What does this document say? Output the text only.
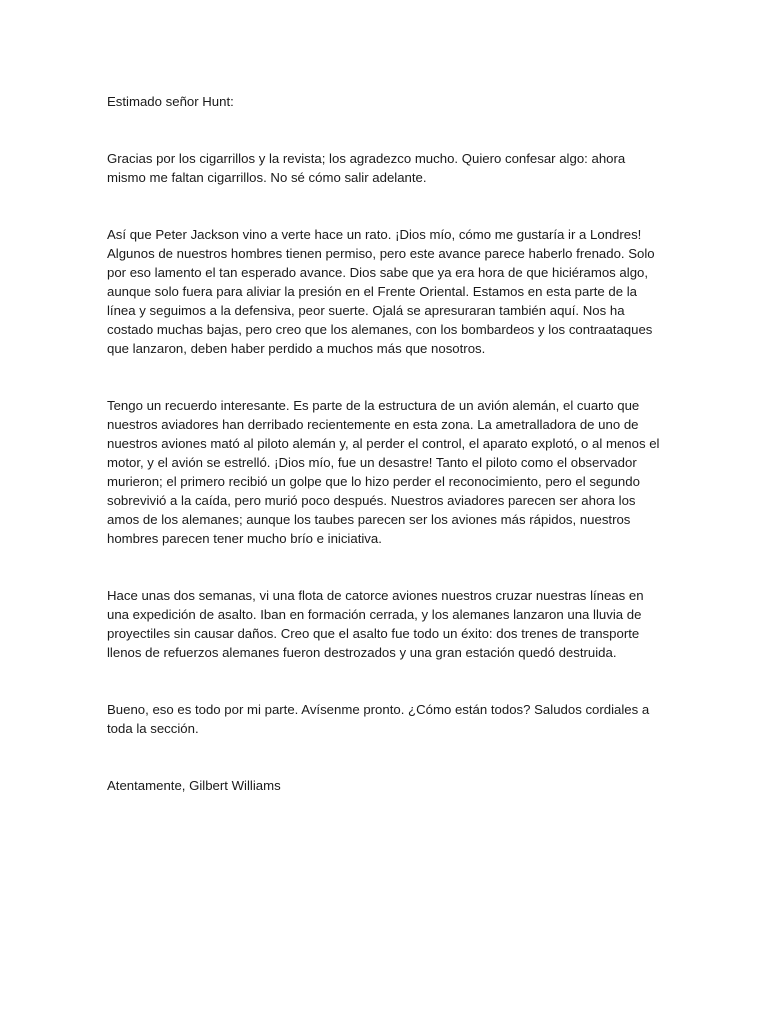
Estimado señor Hunt:

Gracias por los cigarrillos y la revista; los agradezco mucho. Quiero confesar algo: ahora mismo me faltan cigarrillos. No sé cómo salir adelante.

Así que Peter Jackson vino a verte hace un rato. ¡Dios mío, cómo me gustaría ir a Londres! Algunos de nuestros hombres tienen permiso, pero este avance parece haberlo frenado. Solo por eso lamento el tan esperado avance. Dios sabe que ya era hora de que hiciéramos algo, aunque solo fuera para aliviar la presión en el Frente Oriental. Estamos en esta parte de la línea y seguimos a la defensiva, peor suerte. Ojalá se apresuraran también aquí. Nos ha costado muchas bajas, pero creo que los alemanes, con los bombardeos y los contraataques que lanzaron, deben haber perdido a muchos más que nosotros.

Tengo un recuerdo interesante. Es parte de la estructura de un avión alemán, el cuarto que nuestros aviadores han derribado recientemente en esta zona. La ametralladora de uno de nuestros aviones mató al piloto alemán y, al perder el control, el aparato explotó, o al menos el motor, y el avión se estrelló. ¡Dios mío, fue un desastre! Tanto el piloto como el observador murieron; el primero recibió un golpe que lo hizo perder el reconocimiento, pero el segundo sobrevivió a la caída, pero murió poco después. Nuestros aviadores parecen ser ahora los amos de los alemanes; aunque los taubes parecen ser los aviones más rápidos, nuestros hombres parecen tener mucho brío e iniciativa.

Hace unas dos semanas, vi una flota de catorce aviones nuestros cruzar nuestras líneas en una expedición de asalto. Iban en formación cerrada, y los alemanes lanzaron una lluvia de proyectiles sin causar daños. Creo que el asalto fue todo un éxito: dos trenes de transporte llenos de refuerzos alemanes fueron destrozados y una gran estación quedó destruida.

Bueno, eso es todo por mi parte. Avísenme pronto. ¿Cómo están todos? Saludos cordiales a toda la sección.

Atentamente, Gilbert Williams
